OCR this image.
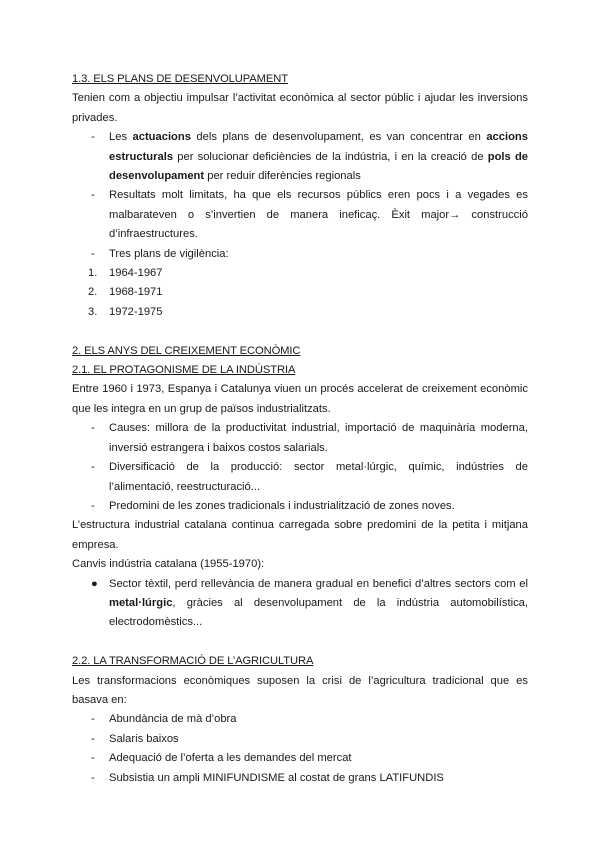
1.3. ELS PLANS DE DESENVOLUPAMENT

Tenien com a objectiu impulsar l’activitat econòmica al sector públic i ajudar les inversions privades.

- Les actuacions dels plans de desenvolupament, es van concentrar en accions estructurals per solucionar deficiències de la indústria, i en la creació de pols de desenvolupament per reduir diferències regionals
- Resultats molt limitats, ha que els recursos públics eren pocs i a vegades es malbarateven o s’invertien de manera ineficaç. Èxit major→ construcció d’infraestructures.
- Tres plans de vigilència:
1. 1964-1967
2. 1968-1971
3. 1972-1975
2. ELS ANYS DEL CREIXEMENT ECONÒMIC
2.1. EL PROTAGONISME DE LA INDÚSTRIA

Entre 1960 i 1973, Espanya i Catalunya viuen un procés accelerat de creixement econòmic que les integra en un grup de països industrialitzats.

- Causes: millora de la productivitat industrial, importació de maquinària moderna, inversió estrangera i baixos costos salarials.
- Diversificació de la producció: sector metal·lúrgic, químic, indústries de l’alimentació, reestructuració...
- Predomini de les zones tradicionals i industrialització de zones noves.

L’estructura industrial catalana continua carregada sobre predomini de la petita i mitjana empresa.

Canvis indústria catalana (1955-1970):

● Sector tèxtil, perd rellevància de manera gradual en benefici d’altres sectors com el metal·lúrgic, gràcies al desenvolupament de la indústria automobilística, electrodomèstics...
2.2. LA TRANSFORMACIÓ DE L’AGRICULTURA

Les transformacions econòmiques suposen la crisi de l’agricultura tradicional que es basava en:

- Abundància de mà d’obra
- Salaris baixos
- Adequació de l’oferta a les demandes del mercat
- Subsistia un ampli MINIFUNDISME al costat de grans LATIFUNDIS
